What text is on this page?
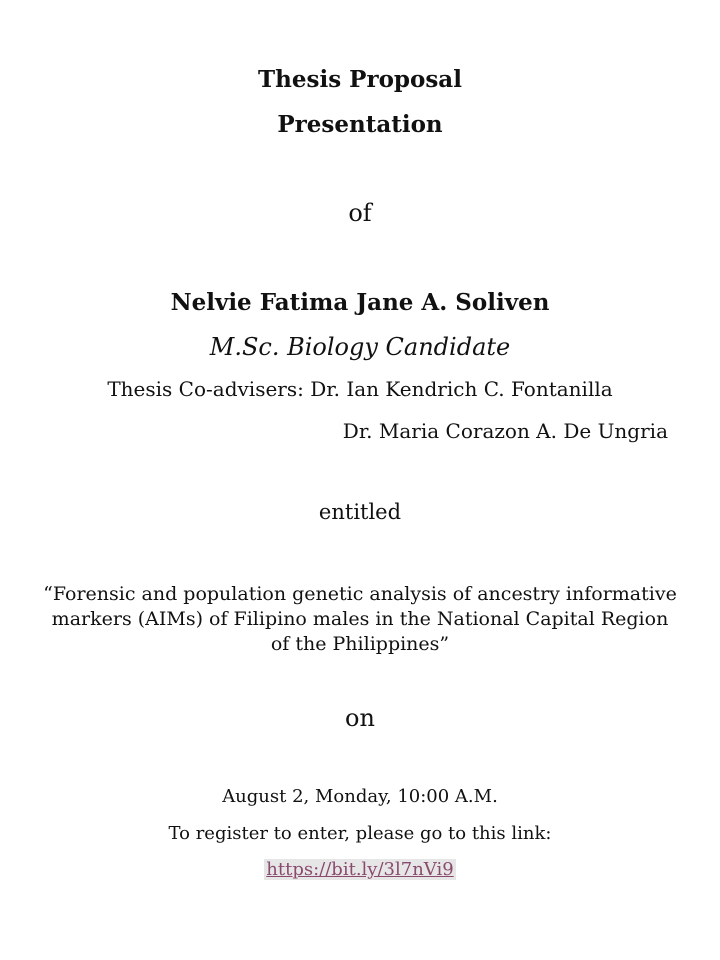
Thesis Proposal
Presentation
of
Nelvie Fatima Jane A. Soliven
M.Sc. Biology Candidate
Thesis Co-advisers: Dr. Ian Kendrich C. Fontanilla
Dr. Maria Corazon A. De Ungria
entitled
“Forensic and population genetic analysis of ancestry informative markers (AIMs) of Filipino males in the National Capital Region of the Philippines”
on
August 2, Monday, 10:00 A.M.
To register to enter, please go to this link:
https://bit.ly/3l7nVi9
